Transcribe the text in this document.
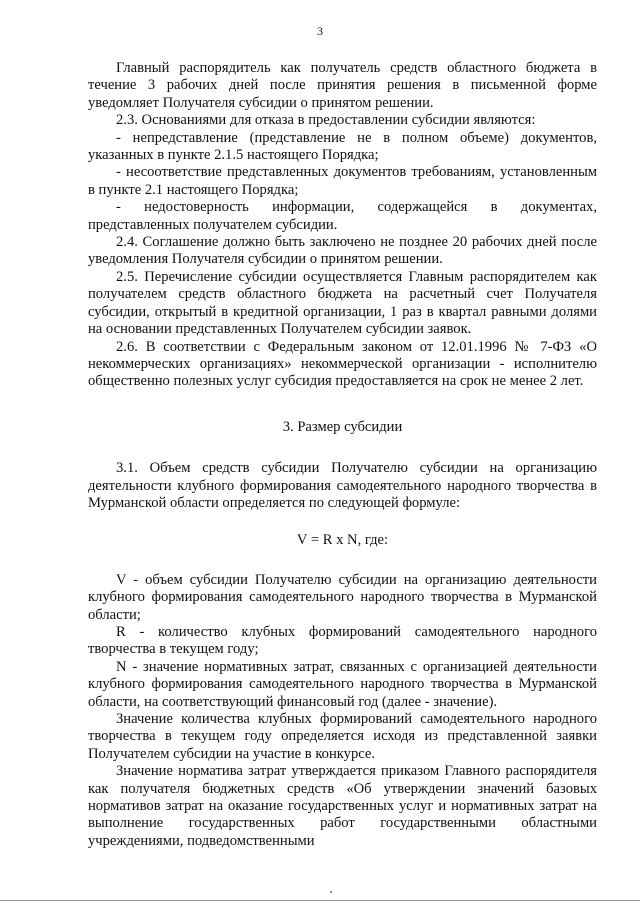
3

Главный распорядитель как получатель средств областного бюджета в течение 3 рабочих дней после принятия решения в письменной форме уведомляет Получателя субсидии о принятом решении.

2.3. Основаниями для отказа в предоставлении субсидии являются:

- непредставление (представление не в полном объеме) документов, указанных в пункте 2.1.5 настоящего Порядка;

- несоответствие представленных документов требованиям, установленным в пункте 2.1 настоящего Порядка;

- недостоверность информации, содержащейся в документах, представленных получателем субсидии.

2.4. Соглашение должно быть заключено не позднее 20 рабочих дней после уведомления Получателя субсидии о принятом решении.

2.5. Перечисление субсидии осуществляется Главным распорядителем как получателем средств областного бюджета на расчетный счет Получателя субсидии, открытый в кредитной организации, 1 раз в квартал равными долями на основании представленных Получателем субсидии заявок.

2.6. В соответствии с Федеральным законом от 12.01.1996 № 7-ФЗ «О некоммерческих организациях» некоммерческой организации - исполнителю общественно полезных услуг субсидия предоставляется на срок не менее 2 лет.

3. Размер субсидии

3.1. Объем средств субсидии Получателю субсидии на организацию деятельности клубного формирования самодеятельного народного творчества в Мурманской области определяется по следующей формуле:

V = R x N, где:

V - объем субсидии Получателю субсидии на организацию деятельности клубного формирования самодеятельного народного творчества в Мурманской области;

R - количество клубных формирований самодеятельного народного творчества в текущем году;

N - значение нормативных затрат, связанных с организацией деятельности клубного формирования самодеятельного народного творчества в Мурманской области, на соответствующий финансовый год (далее - значение).

Значение количества клубных формирований самодеятельного народного творчества в текущем году определяется исходя из представленной заявки Получателем субсидии на участие в конкурсе.

Значение норматива затрат утверждается приказом Главного распорядителя как получателя бюджетных средств «Об утверждении значений базовых нормативов затрат на оказание государственных услуг и нормативных затрат на выполнение государственных работ государственными областными учреждениями, подведомственными
